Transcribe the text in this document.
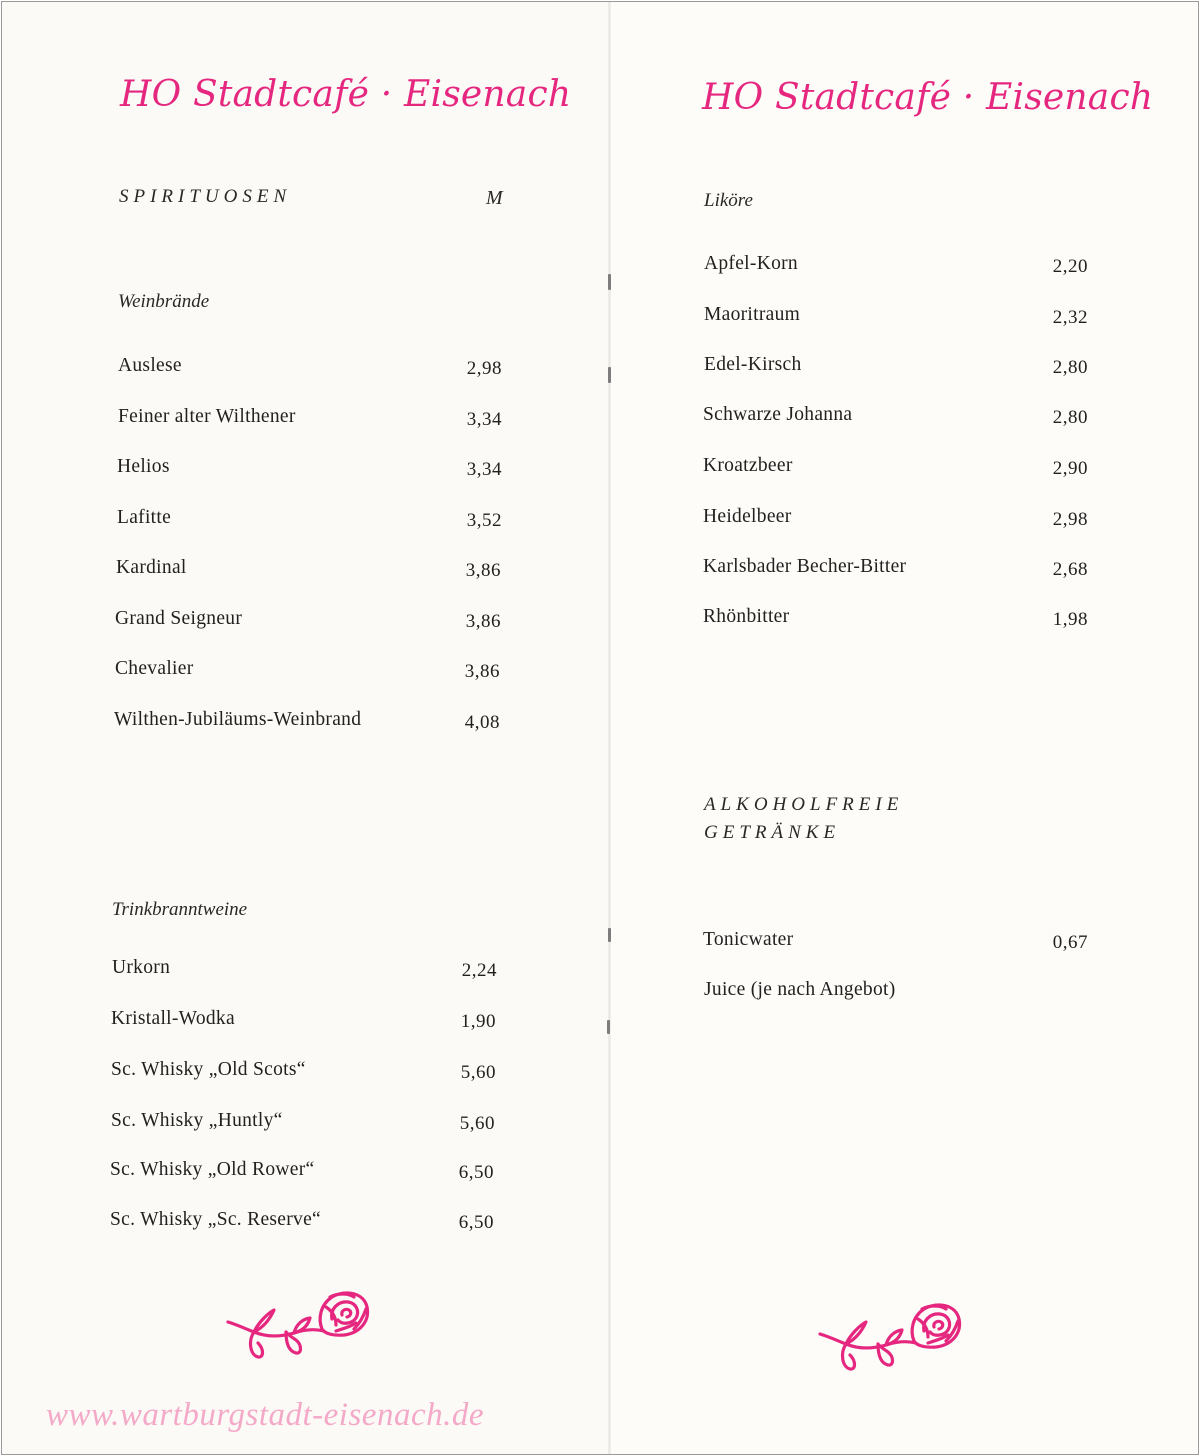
HO Stadtcafé · Eisenach
SPIRITUOSEN	M
Weinbrände
Auslese	2,98
Feiner alter Wilthener	3,34
Helios	3,34
Lafitte	3,52
Kardinal	3,86
Grand Seigneur	3,86
Chevalier	3,86
Wilthen-Jubiläums-Weinbrand	4,08
Trinkbranntweine
Urkorn	2,24
Kristall-Wodka	1,90
Sc. Whisky „Old Scots“	5,60
Sc. Whisky „Huntly“	5,60
Sc. Whisky „Old Rower“	6,50
Sc. Whisky „Sc. Reserve“	6,50
HO Stadtcafé · Eisenach
Liköre
Apfel-Korn	2,20
Maoritraum	2,32
Edel-Kirsch	2,80
Schwarze Johanna	2,80
Kroatzbeer	2,90
Heidelbeer	2,98
Karlsbader Becher-Bitter	2,68
Rhönbitter	1,98
ALKOHOLFREIE
GETRÄNKE
Tonicwater	0,67
Juice (je nach Angebot)
www.wartburgstadt-eisenach.de
